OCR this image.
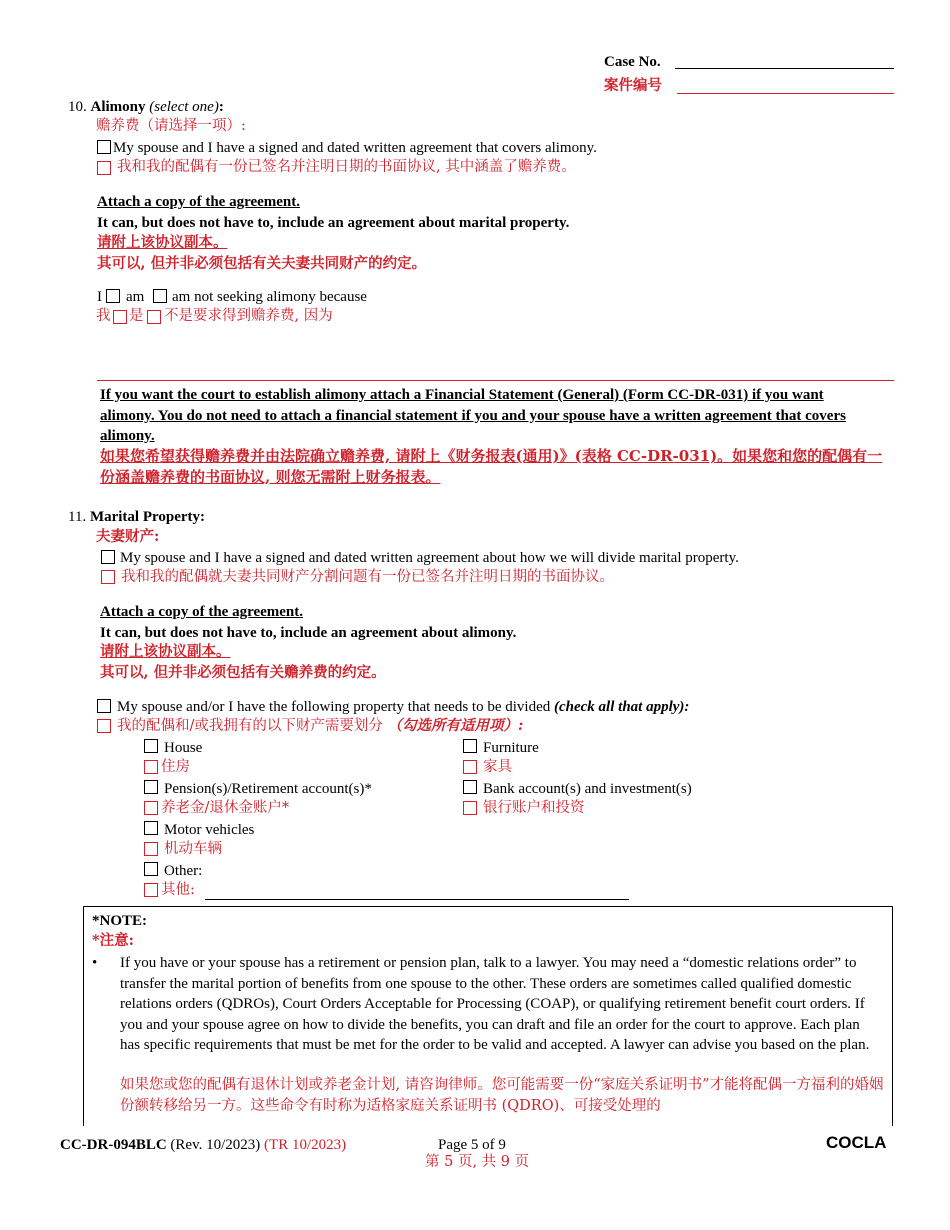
Case No.
案件编号
10. Alimony (select one):
赡养费（请选择一项）:
My spouse and I have a signed and dated written agreement that covers alimony.
我和我的配偶有一份已签名并注明日期的书面协议, 其中涵盖了赡养费。
Attach a copy of the agreement.
It can, but does not have to, include an agreement about marital property.
请附上该协议副本。
其可以, 但并非必须包括有关夫妻共同财产的约定。
I am am not seeking alimony because
我 是 不是要求得到赡养费, 因为
If you want the court to establish alimony attach a Financial Statement (General) (Form CC-DR-031) if you want alimony. You do not need to attach a financial statement if you and your spouse have a written agreement that covers alimony.
如果您希望获得赡养费并由法院确立赡养费, 请附上《财务报表(通用)》(表格 CC-DR-031)。如果您和您的配偶有一份涵盖赡养费的书面协议, 则您无需附上财务报表。
11. Marital Property:
夫妻财产:
My spouse and I have a signed and dated written agreement about how we will divide marital property.
我和我的配偶就夫妻共同财产分割问题有一份已签名并注明日期的书面协议。
Attach a copy of the agreement.
It can, but does not have to, include an agreement about alimony.
请附上该协议副本。
其可以, 但并非必须包括有关赡养费的约定。
My spouse and/or I have the following property that needs to be divided (check all that apply):
我的配偶和/或我拥有的以下财产需要划分 （勾选所有适用项）:
House
住房
Pension(s)/Retirement account(s)*
养老金/退休金账户*
Motor vehicles
机动车辆
Other:
其他:
Furniture
家具
Bank account(s) and investment(s)
银行账户和投资
*NOTE:
*注意:
• If you have or your spouse has a retirement or pension plan, talk to a lawyer. You may need a “domestic relations order” to transfer the marital portion of benefits from one spouse to the other. These orders are sometimes called qualified domestic relations orders (QDROs), Court Orders Acceptable for Processing (COAP), or qualifying retirement benefit court orders. If you and your spouse agree on how to divide the benefits, you can draft and file an order for the court to approve. Each plan has specific requirements that must be met for the order to be valid and accepted. A lawyer can advise you based on the plan.
如果您或您的配偶有退休计划或养老金计划, 请咨询律师。您可能需要一份“家庭关系证明书”才能将配偶一方福利的婚姻份额转移给另一方。这些命令有时称为适格家庭关系证明书 (QDRO)、可接受处理的
CC-DR-094BLC (Rev. 10/2023) (TR 10/2023)	Page 5 of 9
第 5 页, 共 9 页
COCLA
